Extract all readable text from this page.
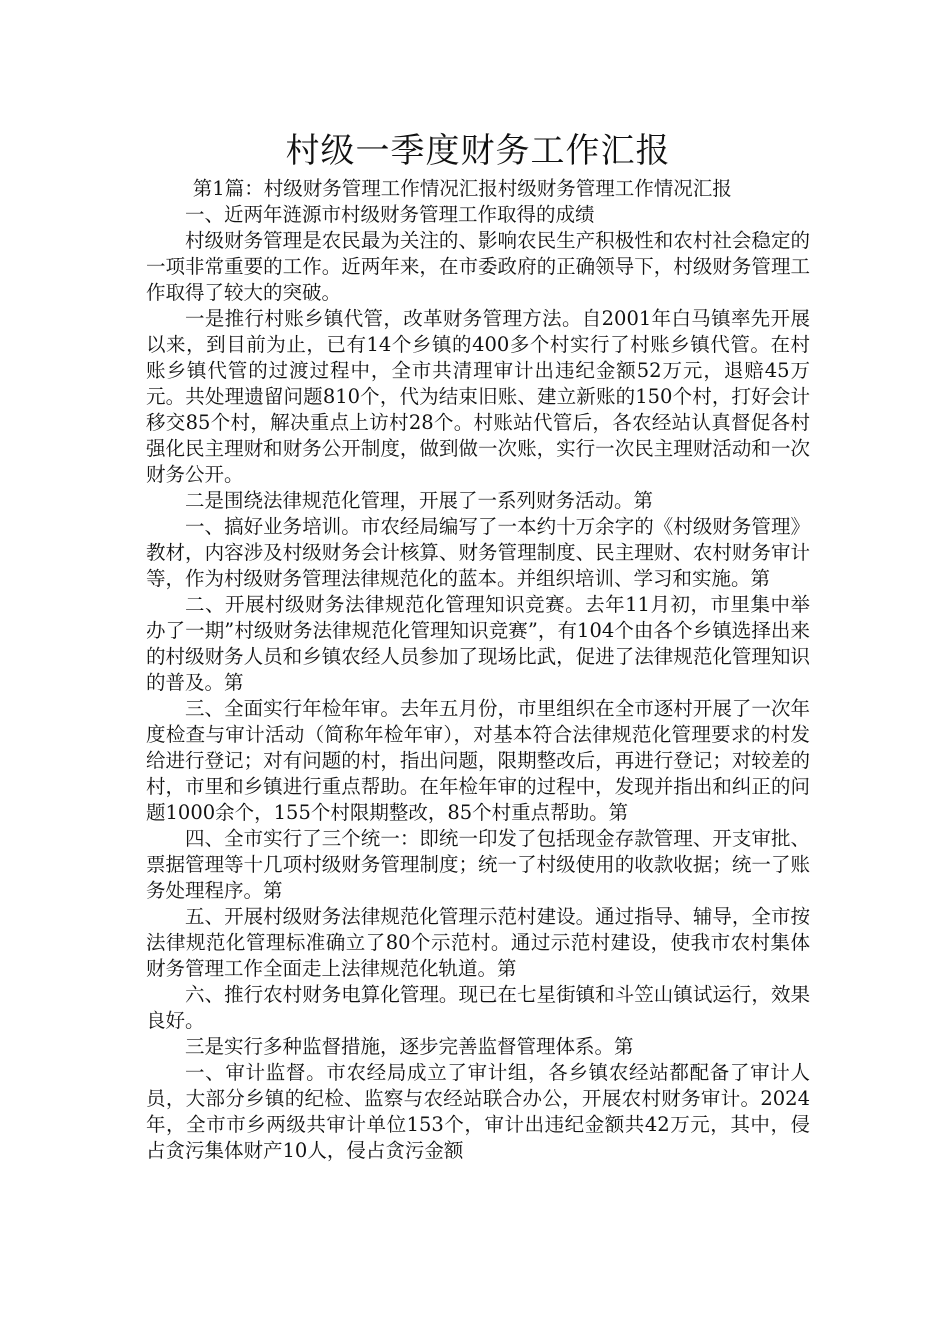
村级一季度财务工作汇报

第1篇：村级财务管理工作情况汇报村级财务管理工作情况汇报

一、近两年涟源市村级财务管理工作取得的成绩

村级财务管理是农民最为关注的、影响农民生产积极性和农村社会稳定的一项非常重要的工作。近两年来，在市委政府的正确领导下，村级财务管理工作取得了较大的突破。

一是推行村账乡镇代管，改革财务管理方法。自2001年白马镇率先开展以来，到目前为止，已有14个乡镇的400多个村实行了村账乡镇代管。在村账乡镇代管的过渡过程中，全市共清理审计出违纪金额52万元，退赔45万元。共处理遗留问题810个，代为结束旧账、建立新账的150个村，打好会计移交85个村，解决重点上访村28个。村账站代管后，各农经站认真督促各村强化民主理财和财务公开制度，做到做一次账，实行一次民主理财活动和一次财务公开。

二是围绕法律规范化管理，开展了一系列财务活动。第

一、搞好业务培训。市农经局编写了一本约十万余字的《村级财务管理》教材，内容涉及村级财务会计核算、财务管理制度、民主理财、农村财务审计等，作为村级财务管理法律规范化的蓝本。并组织培训、学习和实施。第

二、开展村级财务法律规范化管理知识竞赛。去年11月初，市里集中举办了一期”村级财务法律规范化管理知识竞赛”，有104个由各个乡镇选择出来的村级财务人员和乡镇农经人员参加了现场比武，促进了法律规范化管理知识的普及。第

三、全面实行年检年审。去年五月份，市里组织在全市逐村开展了一次年度检查与审计活动（简称年检年审），对基本符合法律规范化管理要求的村发给进行登记；对有问题的村，指出问题，限期整改后，再进行登记；对较差的村，市里和乡镇进行重点帮助。在年检年审的过程中，发现并指出和纠正的问题1000余个，155个村限期整改，85个村重点帮助。第

四、全市实行了三个统一：即统一印发了包括现金存款管理、开支审批、票据管理等十几项村级财务管理制度；统一了村级使用的收款收据；统一了账务处理程序。第

五、开展村级财务法律规范化管理示范村建设。通过指导、辅导，全市按法律规范化管理标准确立了80个示范村。通过示范村建设，使我市农村集体财务管理工作全面走上法律规范化轨道。第

六、推行农村财务电算化管理。现已在七星街镇和斗笠山镇试运行，效果良好。

三是实行多种监督措施，逐步完善监督管理体系。第

一、审计监督。市农经局成立了审计组，各乡镇农经站都配备了审计人员，大部分乡镇的纪检、监察与农经站联合办公，开展农村财务审计。2024年，全市市乡两级共审计单位153个，审计出违纪金额共42万元，其中，侵占贪污集体财产10人，侵占贪污金额
